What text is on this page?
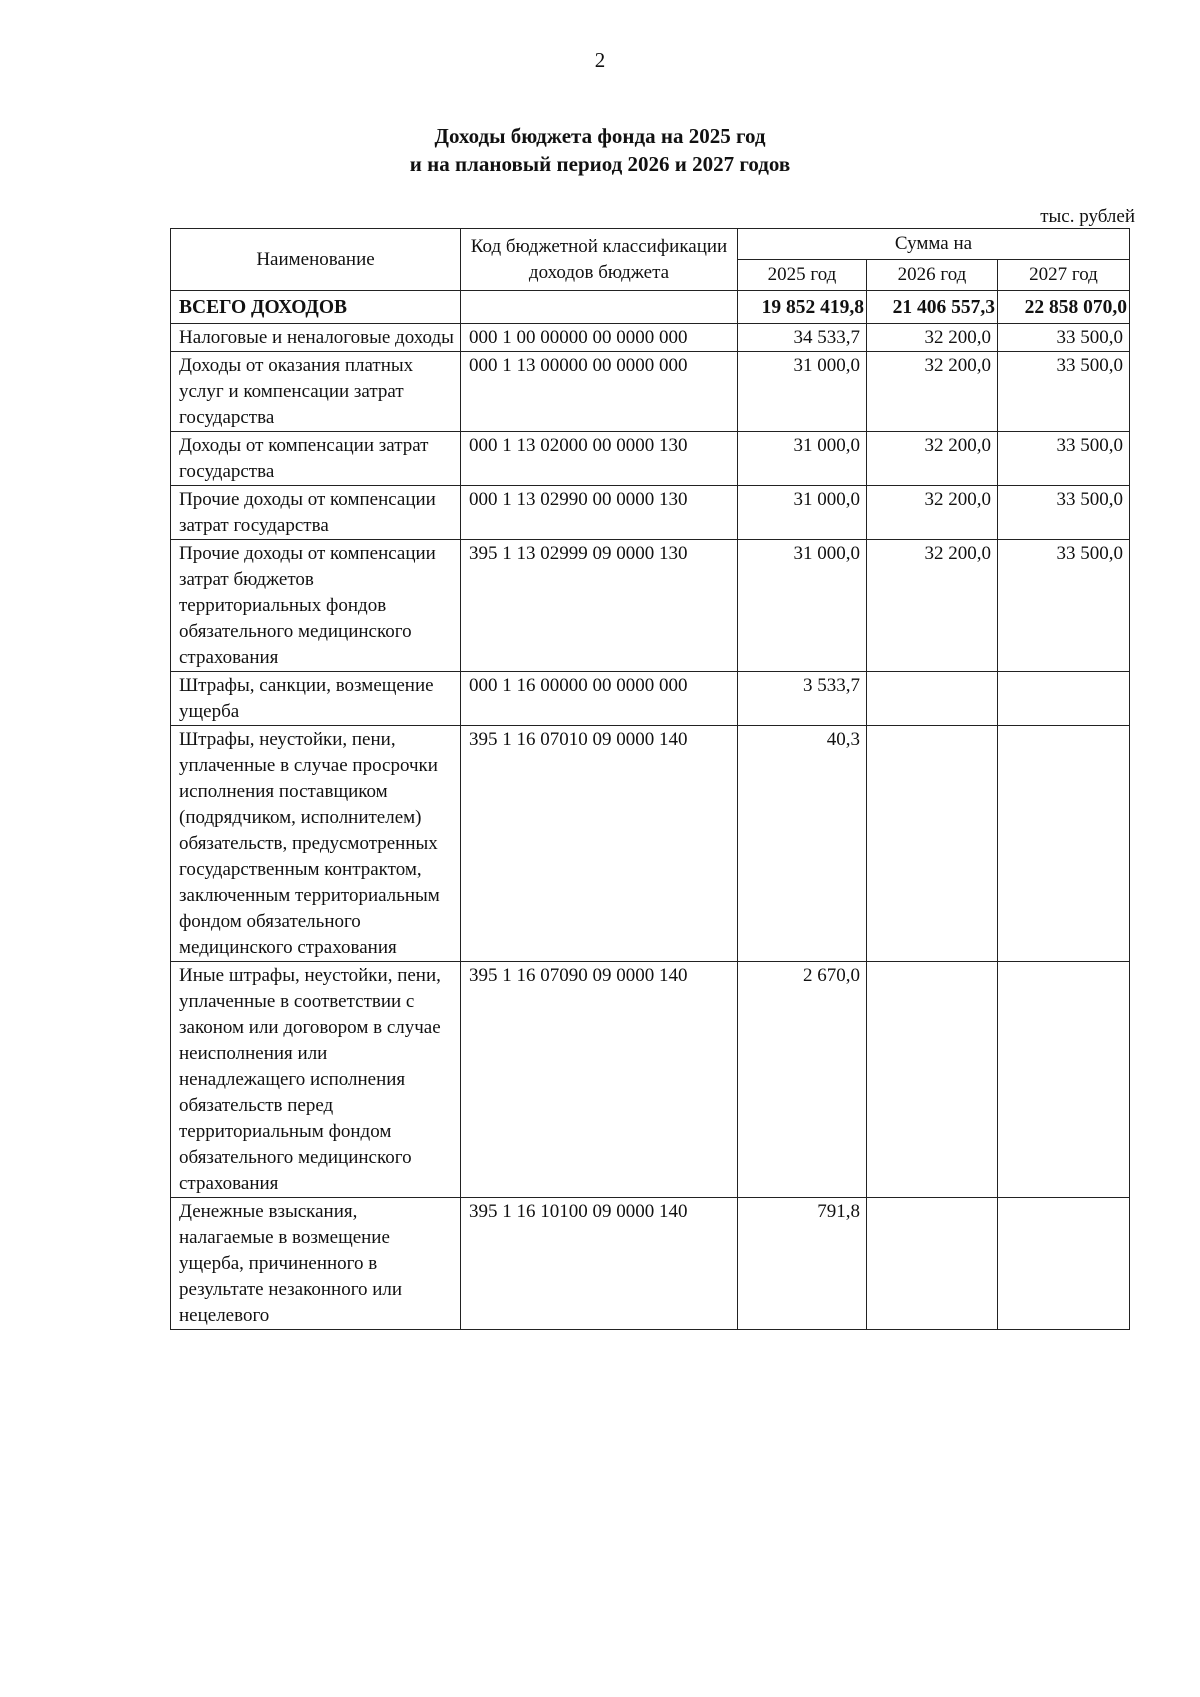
2
Доходы бюджета фонда на 2025 год
и на плановый период 2026 и 2027 годов
тыс. рублей
Наименование	Код бюджетной классификации доходов бюджета	Сумма на		
		2025 год	2026 год	2027 год
ВСЕГО ДОХОДОВ		19 852 419,8	21 406 557,3	22 858 070,0
Налоговые и неналоговые доходы	000 1 00 00000 00 0000 000	34 533,7	32 200,0	33 500,0
Доходы от оказания платных услуг и компенсации затрат государства	000 1 13 00000 00 0000 000	31 000,0	32 200,0	33 500,0
Доходы от компенсации затрат государства	000 1 13 02000 00 0000 130	31 000,0	32 200,0	33 500,0
Прочие доходы от компенсации затрат государства	000 1 13 02990 00 0000 130	31 000,0	32 200,0	33 500,0
Прочие доходы от компенсации затрат бюджетов территориальных фондов обязательного медицинского страхования	395 1 13 02999 09 0000 130	31 000,0	32 200,0	33 500,0
Штрафы, санкции, возмещение ущерба	000 1 16 00000 00 0000 000	3 533,7		
Штрафы, неустойки, пени, уплаченные в случае просрочки исполнения поставщиком (подрядчиком, исполнителем) обязательств, предусмотренных государственным контрактом, заключенным территориальным фондом обязательного медицинского страхования	395 1 16 07010 09 0000 140	40,3		
Иные штрафы, неустойки, пени, уплаченные в соответствии с законом или договором в случае неисполнения или ненадлежащего исполнения обязательств перед территориальным фондом обязательного медицинского страхования	395 1 16 07090 09 0000 140	2 670,0		
Денежные взыскания, налагаемые в возмещение ущерба, причиненного в результате незаконного или нецелевого	395 1 16 10100 09 0000 140	791,8		
